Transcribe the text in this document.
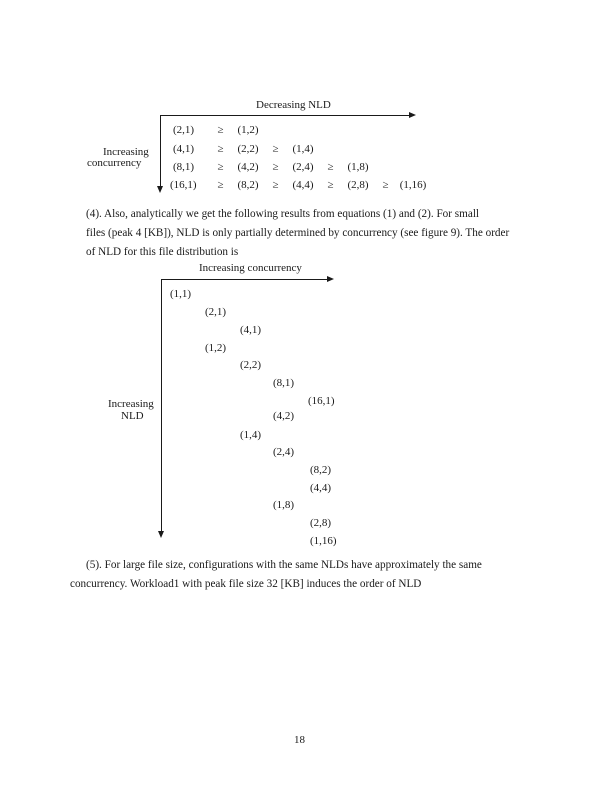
Decreasing NLD
Increasing
concurrency
(2,1) ≥ (1,2)
(4,1) ≥ (2,2) ≥ (1,4)
(8,1) ≥ (4,2) ≥ (2,4) ≥ (1,8)
(16,1) ≥ (8,2) ≥ (4,4) ≥ (2,8) ≥ (1,16)

(4). Also, analytically we get the following results from equations (1) and (2). For small

files (peak 4 [KB]), NLD is only partially determined by concurrency (see figure 9). The order

of NLD for this file distribution is

Increasing concurrency
Increasing
NLD
(1,1)
(2,1)
(4,1)
(1,2)
(2,2)
(8,1)
(16,1)
(4,2)
(1,4)
(2,4)
(8,2)
(4,4)
(1,8)
(2,8)
(1,16)

(5). For large file size, configurations with the same NLDs have approximately the same

concurrency. Workload1 with peak file size 32 [KB] induces the order of NLD

18
